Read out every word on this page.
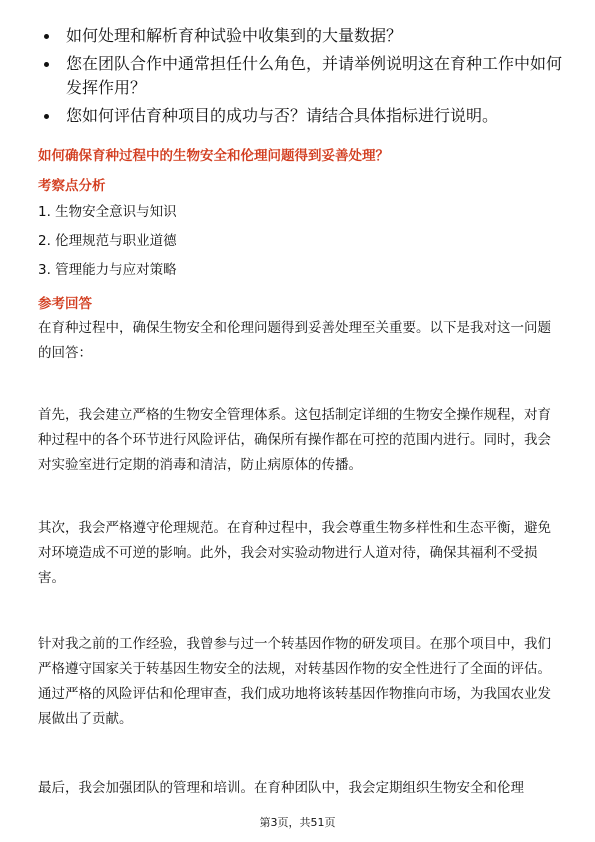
如何处理和解析育种试验中收集到的大量数据？
您在团队合作中通常担任什么角色，并请举例说明这在育种工作中如何发挥作用？
您如何评估育种项目的成功与否？请结合具体指标进行说明。
如何确保育种过程中的生物安全和伦理问题得到妥善处理？
考察点分析
1. 生物安全意识与知识
2. 伦理规范与职业道德
3. 管理能力与应对策略
参考回答
在育种过程中，确保生物安全和伦理问题得到妥善处理至关重要。以下是我对这一问题的回答：
首先，我会建立严格的生物安全管理体系。这包括制定详细的生物安全操作规程，对育种过程中的各个环节进行风险评估，确保所有操作都在可控的范围内进行。同时，我会对实验室进行定期的消毒和清洁，防止病原体的传播。
其次，我会严格遵守伦理规范。在育种过程中，我会尊重生物多样性和生态平衡，避免对环境造成不可逆的影响。此外，我会对实验动物进行人道对待，确保其福利不受损害。
针对我之前的工作经验，我曾参与过一个转基因作物的研发项目。在那个项目中，我们严格遵守国家关于转基因生物安全的法规，对转基因作物的安全性进行了全面的评估。通过严格的风险评估和伦理审查，我们成功地将该转基因作物推向市场，为我国农业发展做出了贡献。
最后，我会加强团队的管理和培训。在育种团队中，我会定期组织生物安全和伦理
第3页，共51页
